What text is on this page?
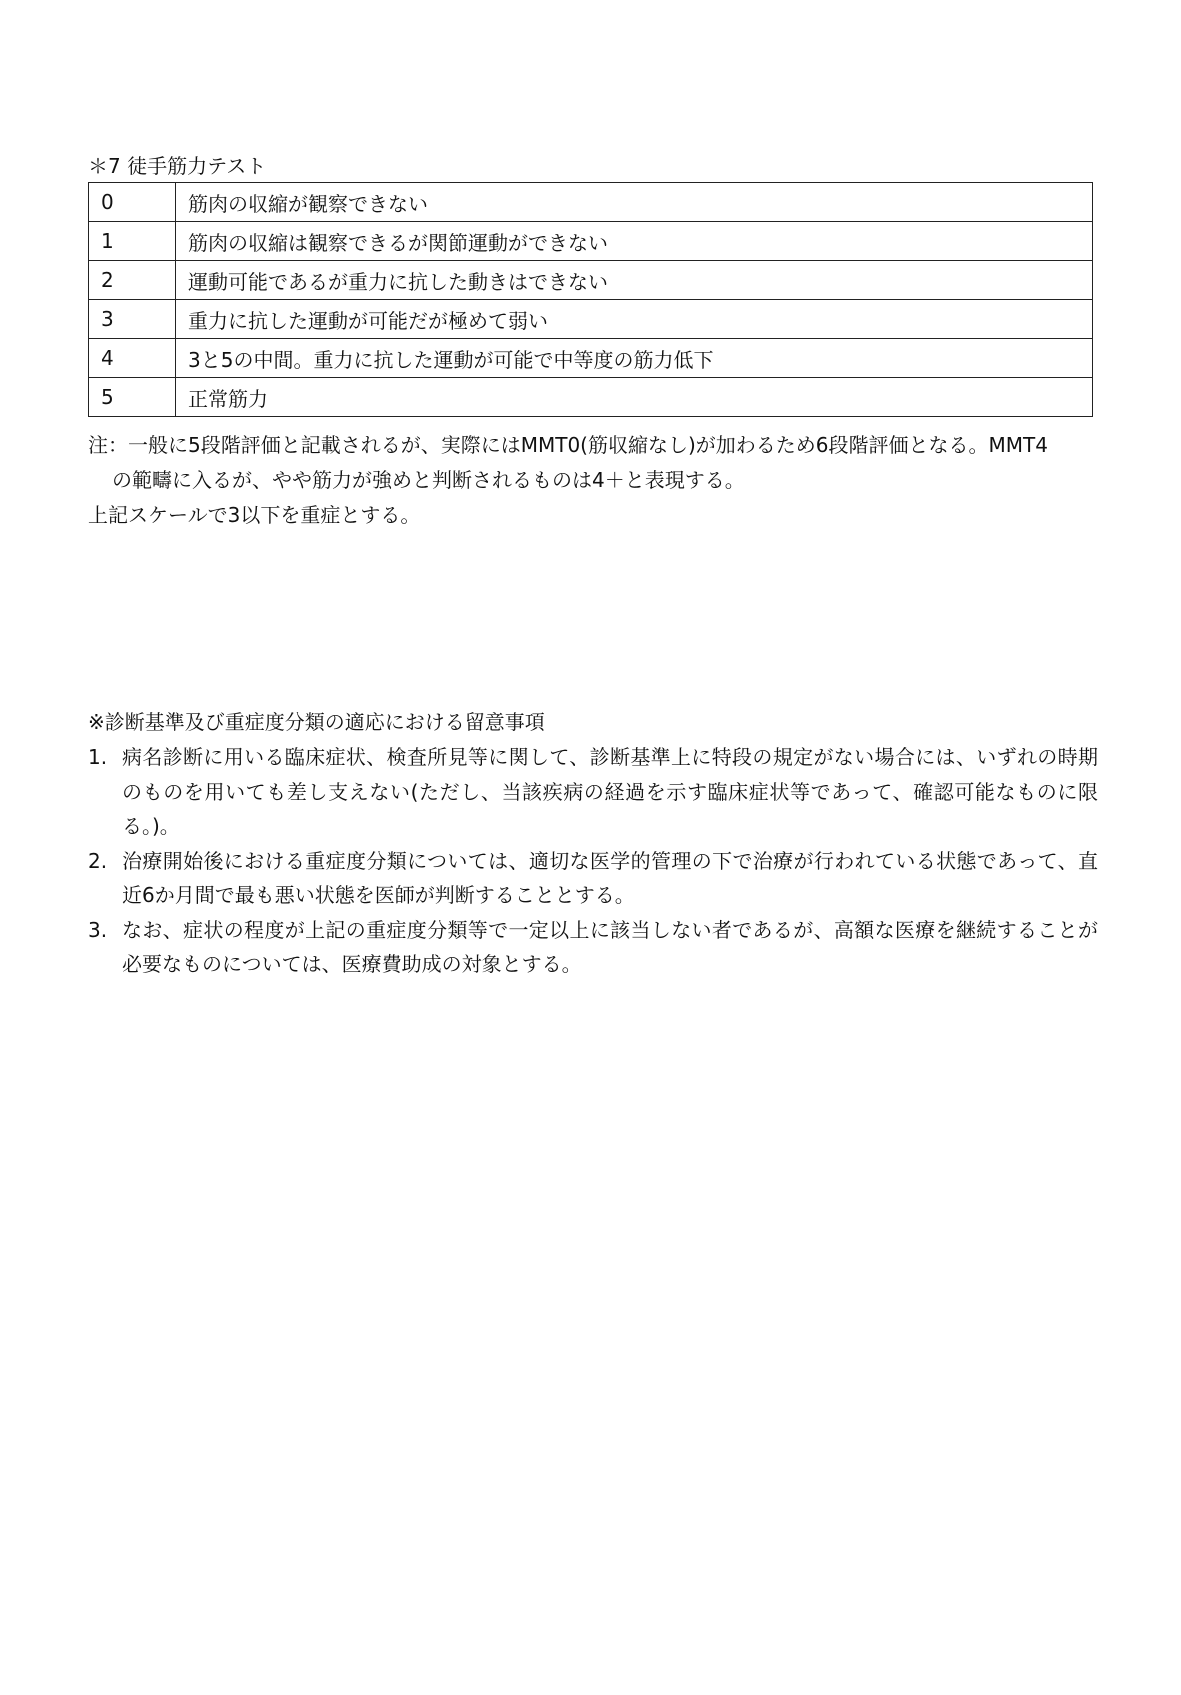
＊7 徒手筋力テスト
0	筋肉の収縮が観察できない
1	筋肉の収縮は観察できるが関節運動ができない
2	運動可能であるが重力に抗した動きはできない
3	重力に抗した運動が可能だが極めて弱い
4	3と5の中間。重力に抗した運動が可能で中等度の筋力低下
5	正常筋力

注：一般に5段階評価と記載されるが、実際にはMMT0(筋収縮なし)が加わるため6段階評価となる。MMT4

の範疇に入るが、やや筋力が強めと判断されるものは4＋と表現する。

上記スケールで3以下を重症とする。

※診断基準及び重症度分類の適応における留意事項

1. 病名診断に用いる臨床症状、検査所見等に関して、診断基準上に特段の規定がない場合には、いずれの時期のものを用いても差し支えない(ただし、当該疾病の経過を示す臨床症状等であって、確認可能なものに限る。)。
2. 治療開始後における重症度分類については、適切な医学的管理の下で治療が行われている状態であって、直近6か月間で最も悪い状態を医師が判断することとする。
3. なお、症状の程度が上記の重症度分類等で一定以上に該当しない者であるが、高額な医療を継続することが必要なものについては、医療費助成の対象とする。
